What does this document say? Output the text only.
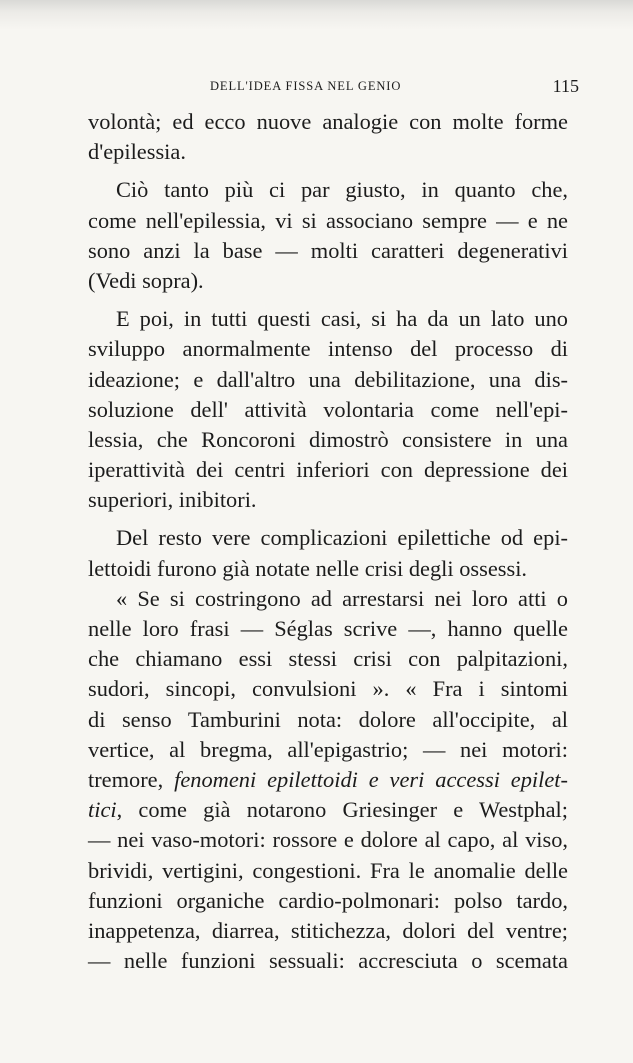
DELL'IDEA FISSA NEL GENIO	115
volontà; ed ecco nuove analogie con molte forme
d'epilessia.
Ciò tanto più ci par giusto, in quanto che,
come nell'epilessia, vi si associano sempre — e ne
sono anzi la base — molti caratteri degenerativi
(Vedi sopra).
E poi, in tutti questi casi, si ha da un lato uno
sviluppo anormalmente intenso del processo di
ideazione; e dall'altro una debilitazione, una dis-
soluzione dell' attività volontaria come nell'epi-
lessia, che Roncoroni dimostrò consistere in una
iperattività dei centri inferiori con depressione dei
superiori, inibitori.
Del resto vere complicazioni epilettiche od epi-
lettoidi furono già notate nelle crisi degli ossessi.
« Se si costringono ad arrestarsi nei loro atti o
nelle loro frasi — Séglas scrive —, hanno quelle
che chiamano essi stessi crisi con palpitazioni,
sudori, sincopi, convulsioni ». « Fra i sintomi
di senso Tamburini nota: dolore all'occipite, al
vertice, al bregma, all'epigastrio; — nei motori:
tremore, fenomeni epilettoidi e veri accessi epilet-
tici, come già notarono Griesinger e Westphal;
— nei vaso-motori: rossore e dolore al capo, al viso,
brividi, vertigini, congestioni. Fra le anomalie delle
funzioni organiche cardio-polmonari: polso tardo,
inappetenza, diarrea, stitichezza, dolori del ventre;
— nelle funzioni sessuali: accresciuta o scemata
